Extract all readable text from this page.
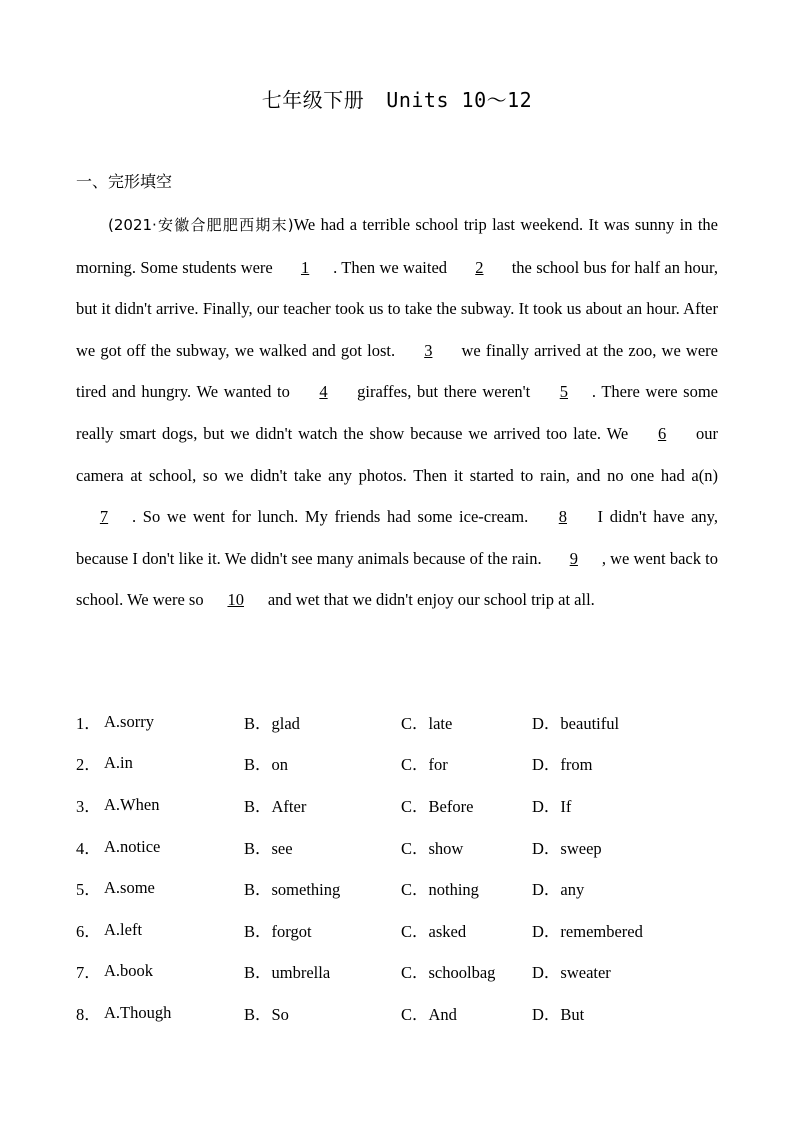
七年级下册 Units 10～12
一、完形填空
(2021·安徽合肥肥西期末)We had a terrible school trip last weekend. It was sunny in the morning. Some students were 1 . Then we waited 2 the school bus for half an hour, but it didn't arrive. Finally, our teacher took us to take the subway. It took us about an hour. After we got off the subway, we walked and got lost. 3 we finally arrived at the zoo, we were tired and hungry. We wanted to 4 giraffes, but there weren't 5 . There were some really smart dogs, but we didn't watch the show because we arrived too late. We 6 our camera at school, so we didn't take any photos. Then it started to rain, and no one had a(n) 7 . So we went for lunch. My friends had some ice-cream. 8 I didn't have any, because I don't like it. We didn't see many animals because of the rain. 9 , we went back to school. We were so 10 and wet that we didn't enjoy our school trip at all.
1． A.sorry	B．glad	C．late	D．beautiful
2． A.in	B．on	C．for	D．from
3． A.When	B．After	C．Before	D．If
4． A.notice	B．see	C．show	D．sweep
5． A.some	B．something	C．nothing	D．any
6． A.left	B．forgot	C．asked	D．remembered
7． A.book	B．umbrella	C．schoolbag	D．sweater
8． A.Though	B．So	C．And	D．But
